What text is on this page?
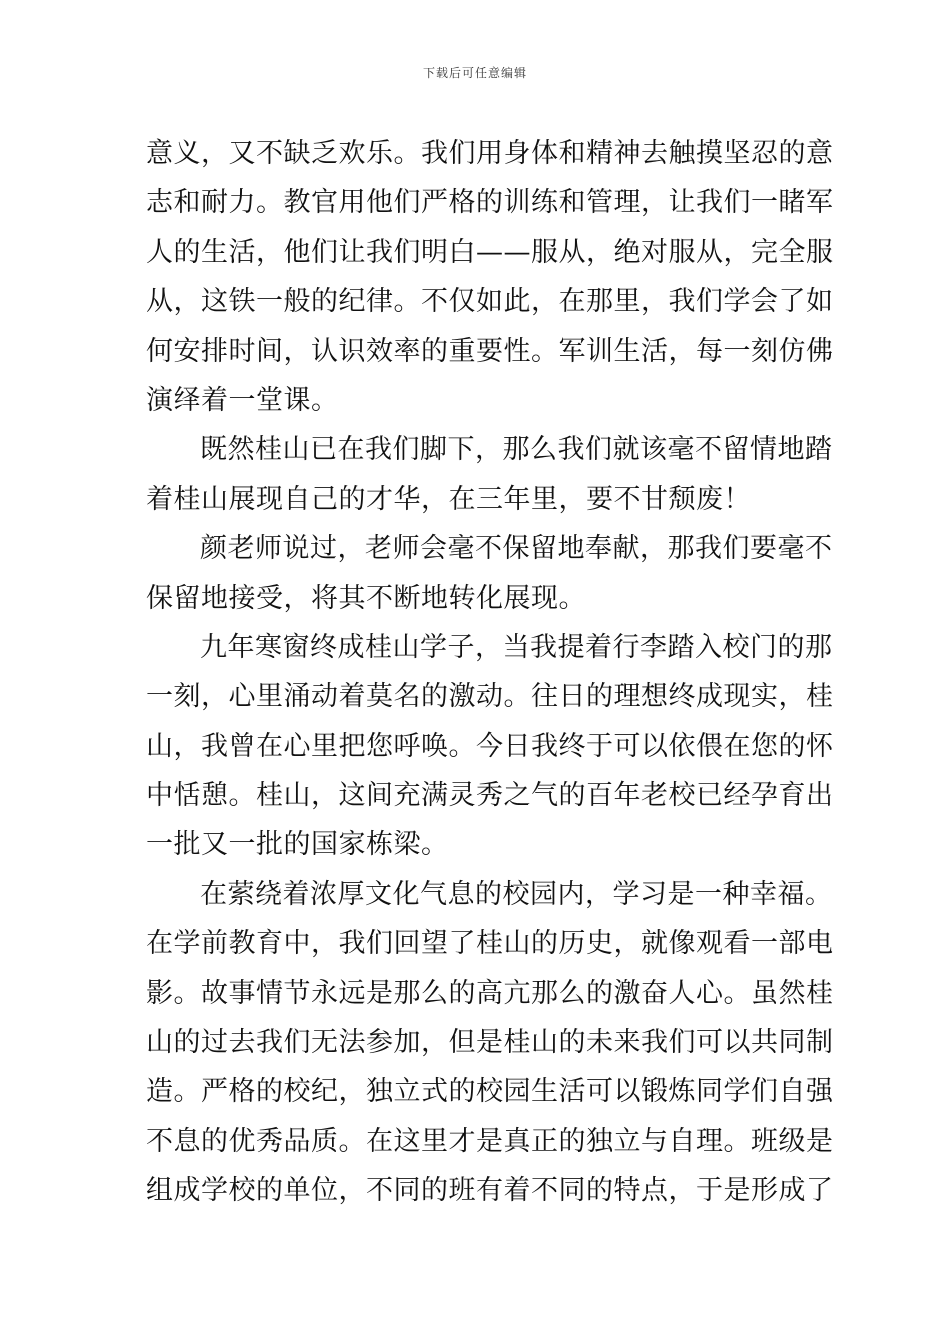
下载后可任意编辑
意义，又不缺乏欢乐。我们用身体和精神去触摸坚忍的意
志和耐力。教官用他们严格的训练和管理，让我们一睹军
人的生活，他们让我们明白——服从，绝对服从，完全服
从，这铁一般的纪律。不仅如此，在那里，我们学会了如
何安排时间，认识效率的重要性。军训生活，每一刻仿佛
演绎着一堂课。
既然桂山已在我们脚下，那么我们就该毫不留情地踏
着桂山展现自己的才华，在三年里，要不甘颓废！
颜老师说过，老师会毫不保留地奉献，那我们要毫不
保留地接受，将其不断地转化展现。
九年寒窗终成桂山学子，当我提着行李踏入校门的那
一刻，心里涌动着莫名的激动。往日的理想终成现实，桂
山，我曾在心里把您呼唤。今日我终于可以依偎在您的怀
中恬憩。桂山，这间充满灵秀之气的百年老校已经孕育出
一批又一批的国家栋梁。
在萦绕着浓厚文化气息的校园内，学习是一种幸福。
在学前教育中，我们回望了桂山的历史，就像观看一部电
影。故事情节永远是那么的高亢那么的激奋人心。虽然桂
山的过去我们无法参加，但是桂山的未来我们可以共同制
造。严格的校纪，独立式的校园生活可以锻炼同学们自强
不息的优秀品质。在这里才是真正的独立与自理。班级是
组成学校的单位，不同的班有着不同的特点，于是形成了
